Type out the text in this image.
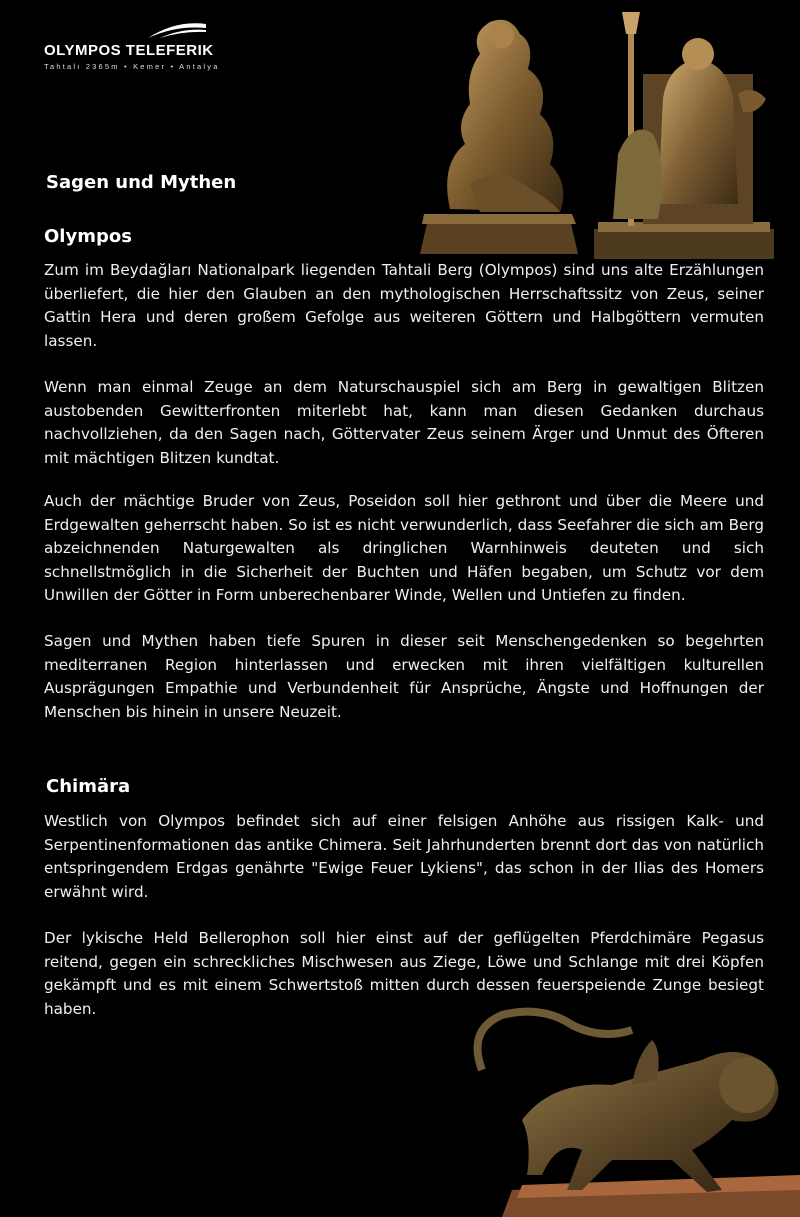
OLYMPOS TELEFERIK
Tahtalı 2365m • Kemer • Antalya
Sagen und Mythen
Olympos

Zum im Beydağları Nationalpark liegenden Tahtali Berg (Olympos) sind uns alte Erzählungen überliefert, die hier den Glauben an den mythologischen Herrschaftssitz von Zeus, seiner Gattin Hera und deren großem Gefolge aus weiteren Göttern und Halbgöttern vermuten lassen.

Wenn man einmal Zeuge an dem Naturschauspiel sich am Berg in gewaltigen Blitzen austobenden Gewitterfronten miterlebt hat, kann man diesen Gedanken durchaus nachvollziehen, da den Sagen nach, Göttervater Zeus seinem Ärger und Unmut des Öfteren mit mächtigen Blitzen kundtat.

Auch der mächtige Bruder von Zeus, Poseidon soll hier gethront und über die Meere und Erdgewalten geherrscht haben. So ist es nicht verwunderlich, dass Seefahrer die sich am Berg abzeichnenden Naturgewalten als dringlichen Warnhinweis deuteten und sich schnellstmöglich in die Sicherheit der Buchten und Häfen begaben, um Schutz vor dem Unwillen der Götter in Form unberechenbarer Winde, Wellen und Untiefen zu finden.

Sagen und Mythen haben tiefe Spuren in dieser seit Menschengedenken so begehrten mediterranen Region hinterlassen und erwecken mit ihren vielfältigen kulturellen Ausprägungen Empathie und Verbundenheit für Ansprüche, Ängste und Hoffnungen der Menschen bis hinein in unsere Neuzeit.

Chimära

Westlich von Olympos befindet sich auf einer felsigen Anhöhe aus rissigen Kalk- und Serpentinenformationen das antike Chimera. Seit Jahrhunderten brennt dort das von natürlich entspringendem Erdgas genährte "Ewige Feuer Lykiens", das schon in der Ilias des Homers erwähnt wird.

Der lykische Held Bellerophon soll hier einst auf der geflügelten Pferdchimäre Pegasus reitend, gegen ein schreckliches Mischwesen aus Ziege, Löwe und Schlange mit drei Köpfen gekämpft und es mit einem Schwertstoß mitten durch dessen feuerspeiende Zunge besiegt haben.
